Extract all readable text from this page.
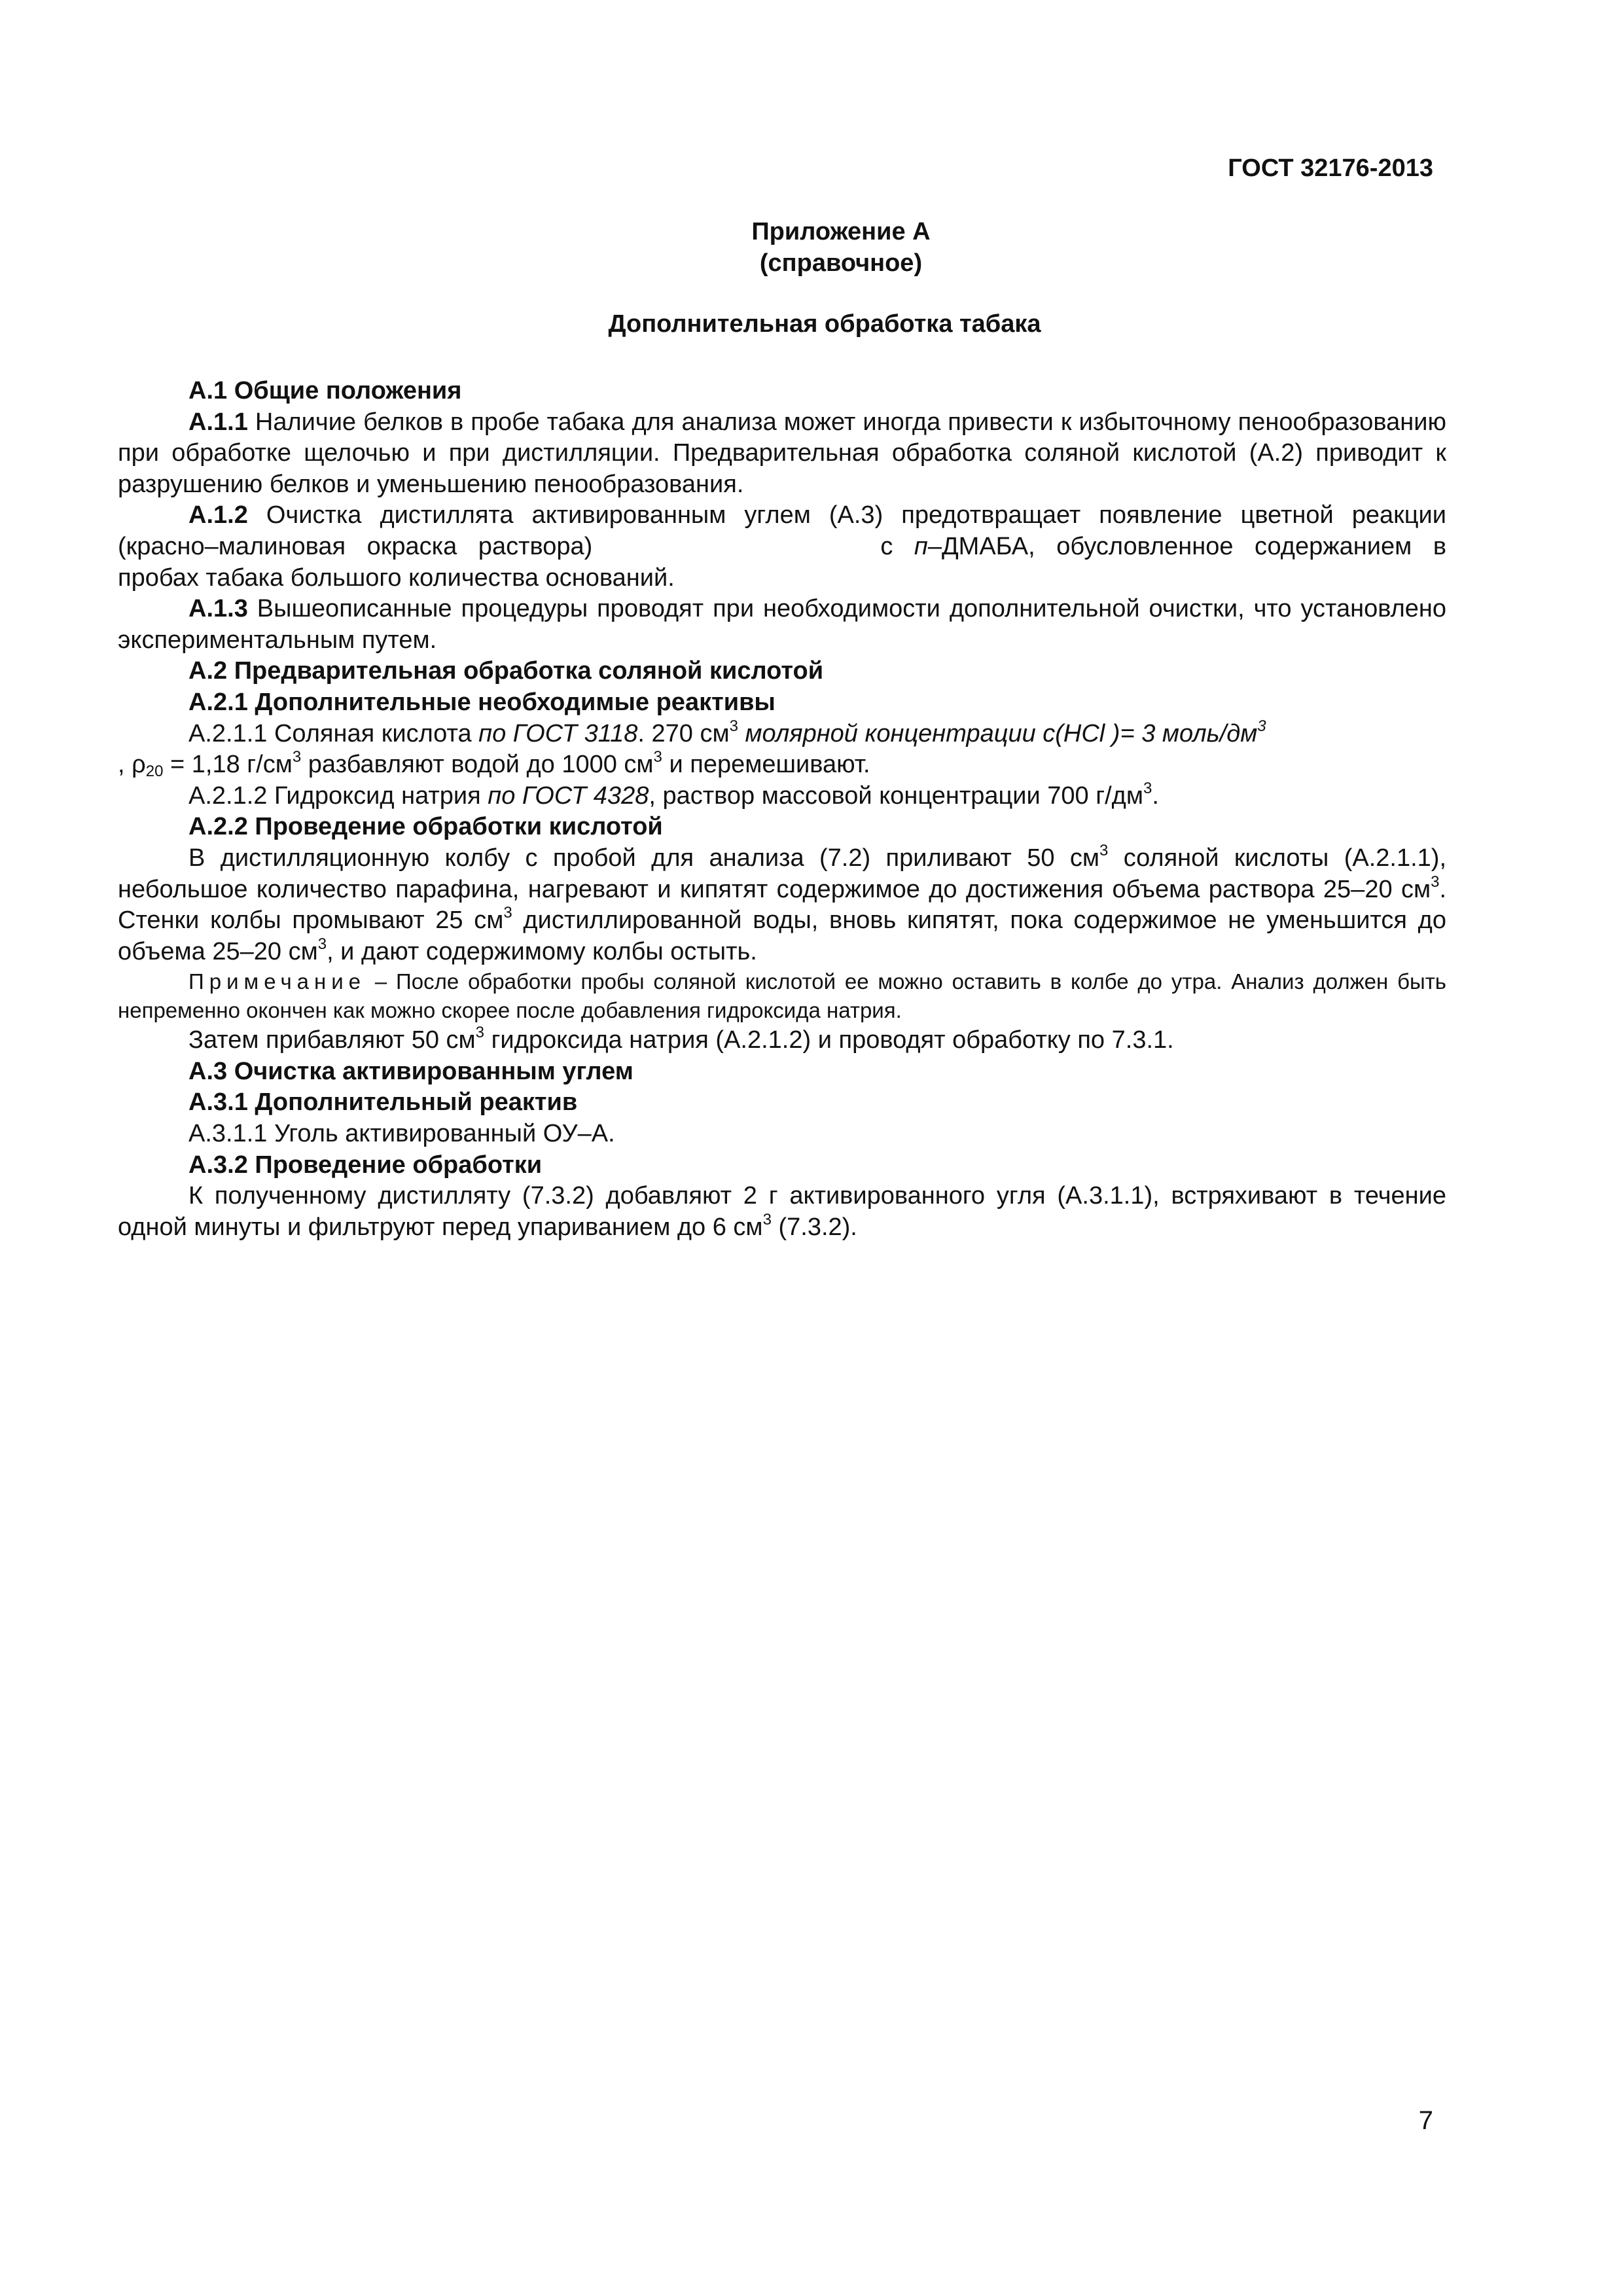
ГОСТ 32176-2013
Приложение А
(справочное)
Дополнительная обработка табака

А.1 Общие положения

А.1.1 Наличие белков в пробе табака для анализа может иногда привести к избыточному пенообразованию при обработке щелочью и при дистилляции. Предварительная обработка соляной кислотой (А.2) приводит к разрушению белков и уменьшению пенообразования.

А.1.2 Очистка дистиллята активированным углем (А.3) предотвращает появление цветной реакции (красно–малиновая окраска раствора)	с п–ДМАБА, обусловленное содержанием в пробах табака большого количества оснований.

А.1.3 Вышеописанные процедуры проводят при необходимости дополнительной очистки, что установлено экспериментальным путем.

А.2 Предварительная обработка соляной кислотой

А.2.1 Дополнительные необходимые реактивы

А.2.1.1 Соляная кислота по ГОСТ 3118. 270 $см^3$ молярной концентрации с(HCl )= 3 моль/$дм^3$

, $\rho_{20} = 1,18$ $г/см^3$ разбавляют водой до 1000 $см^3$ и перемешивают.

А.2.1.2 Гидроксид натрия по ГОСТ 4328, раствор массовой концентрации 700 $г/дм^3$.

А.2.2 Проведение обработки кислотой

В дистилляционную колбу с пробой для анализа (7.2) приливают 50 $см^3$ соляной кислоты (А.2.1.1), небольшое количество парафина, нагревают и кипятят содержимое до достижения объема раствора 25–20 $см^3$. Стенки колбы промывают 25 $см^3$ дистиллированной воды, вновь кипятят, пока содержимое не уменьшится до объема 25–20 $см^3$, и дают содержимому колбы остыть.

Примечание – После обработки пробы соляной кислотой ее можно оставить в колбе до утра. Анализ должен быть непременно окончен как можно скорее после добавления гидроксида натрия.

Затем прибавляют 50 $см^3$ гидроксида натрия (А.2.1.2) и проводят обработку по 7.3.1.

А.3 Очистка активированным углем

А.3.1 Дополнительный реактив

А.3.1.1 Уголь активированный ОУ–А.

А.3.2 Проведение обработки

К полученному дистилляту (7.3.2) добавляют 2 г активированного угля (А.3.1.1), встряхивают в течение одной минуты и фильтруют перед упариванием до 6 $см^3$ (7.3.2).

7
